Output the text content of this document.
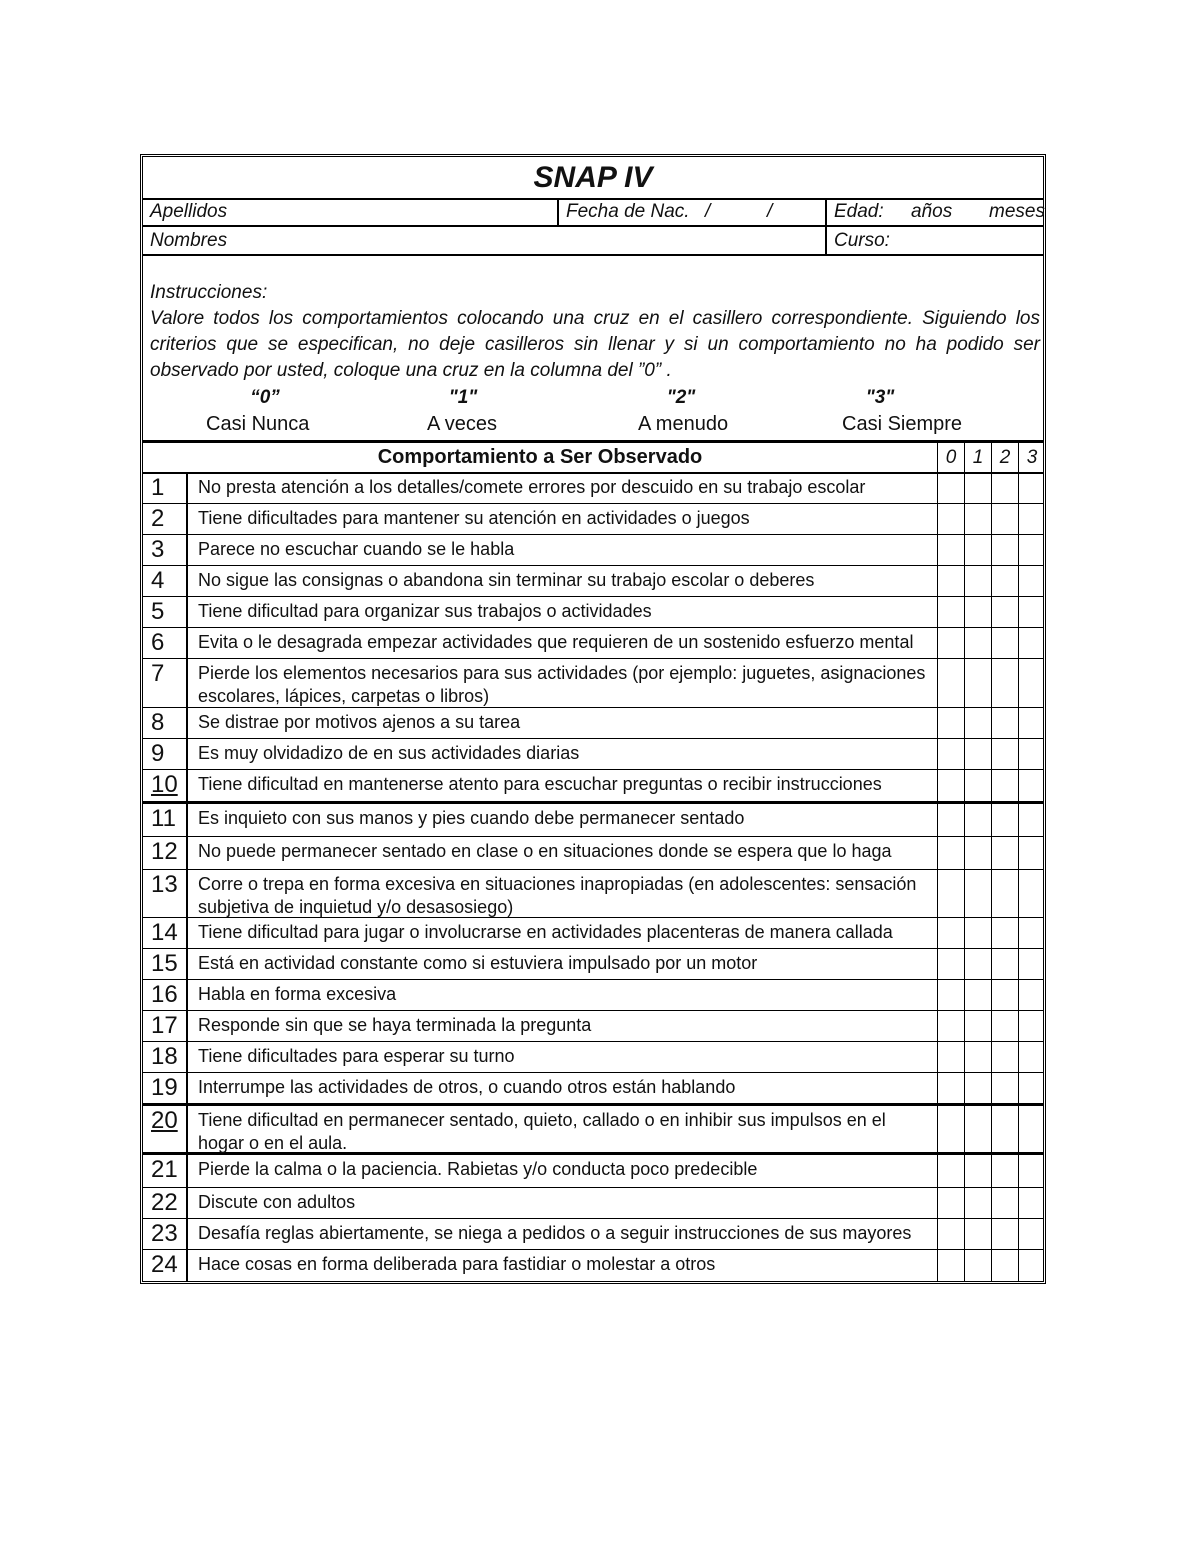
SNAP IV
Apellidos	Fecha de Nac. /	/	Edad: años meses
Nombres	Curso:
Instrucciones:
Valore todos los comportamientos colocando una cruz en el casillero correspondiente. Siguiendo los criterios que se especifican, no deje casilleros sin llenar y si un comportamiento no ha podido ser observado por usted, coloque una cruz en la columna del ”0” .
“0”	"1"	"2"	"3"
Casi Nunca	A veces	A menudo	Casi Siempre
Comportamiento a Ser Observado	0 1 2 3
1	No presta atención a los detalles/comete errores por descuido en su trabajo escolar
2	Tiene dificultades para mantener su atención en actividades o juegos
3	Parece no escuchar cuando se le habla
4	No sigue las consignas o abandona sin terminar su trabajo escolar o deberes
5	Tiene dificultad para organizar sus trabajos o actividades
6	Evita o le desagrada empezar actividades que requieren de un sostenido esfuerzo mental
7	Pierde los elementos necesarios para sus actividades (por ejemplo: juguetes, asignaciones escolares, lápices, carpetas o libros)
8	Se distrae por motivos ajenos a su tarea
9	Es muy olvidadizo de en sus actividades diarias
10	Tiene dificultad en mantenerse atento para escuchar preguntas o recibir instrucciones
11	Es inquieto con sus manos y pies cuando debe permanecer sentado
12	No puede permanecer sentado en clase o en situaciones donde se espera que lo haga
13	Corre o trepa en forma excesiva en situaciones inapropiadas (en adolescentes: sensación subjetiva de inquietud y/o desasosiego)
14	Tiene dificultad para jugar o involucrarse en actividades placenteras de manera callada
15	Está en actividad constante como si estuviera impulsado por un motor
16	Habla en forma excesiva
17	Responde sin que se haya terminada la pregunta
18	Tiene dificultades para esperar su turno
19	Interrumpe las actividades de otros, o cuando otros están hablando
20	Tiene dificultad en permanecer sentado, quieto, callado o en inhibir sus impulsos en el hogar o en el aula.
21	Pierde la calma o la paciencia. Rabietas y/o conducta poco predecible
22	Discute con adultos
23	Desafía reglas abiertamente, se niega a pedidos o a seguir instrucciones de sus mayores
24	Hace cosas en forma deliberada para fastidiar o molestar a otros
